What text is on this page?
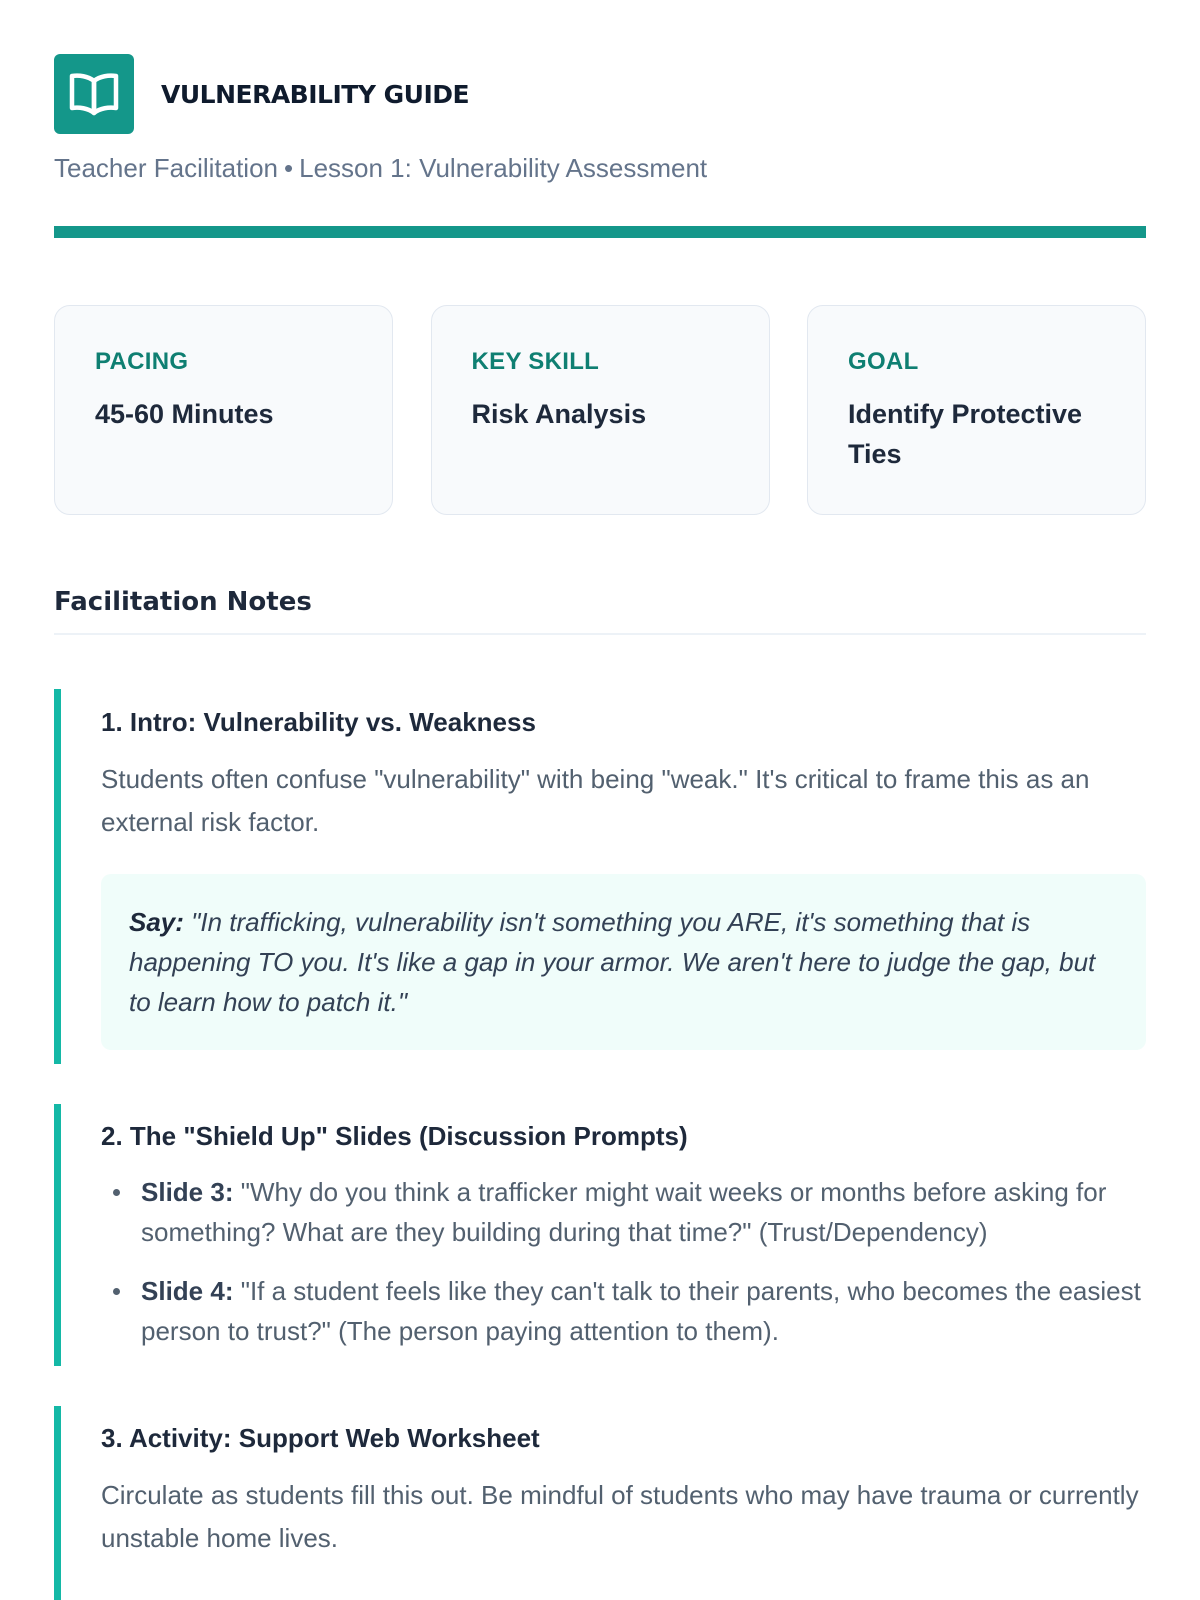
VULNERABILITY GUIDE
Teacher Facilitation • Lesson 1: Vulnerability Assessment
PACING
45-60 Minutes
KEY SKILL
Risk Analysis
GOAL
Identify Protective Ties
Facilitation Notes
1. Intro: Vulnerability vs. Weakness
Students often confuse "vulnerability" with being "weak." It's critical to frame this as an external risk factor.
Say: "In trafficking, vulnerability isn't something you ARE, it's something that is happening TO you. It's like a gap in your armor. We aren't here to judge the gap, but to learn how to patch it."
2. The "Shield Up" Slides (Discussion Prompts)
Slide 3: "Why do you think a trafficker might wait weeks or months before asking for something? What are they building during that time?" (Trust/Dependency)
Slide 4: "If a student feels like they can't talk to their parents, who becomes the easiest person to trust?" (The person paying attention to them).
3. Activity: Support Web Worksheet
Circulate as students fill this out. Be mindful of students who may have trauma or currently unstable home lives.
